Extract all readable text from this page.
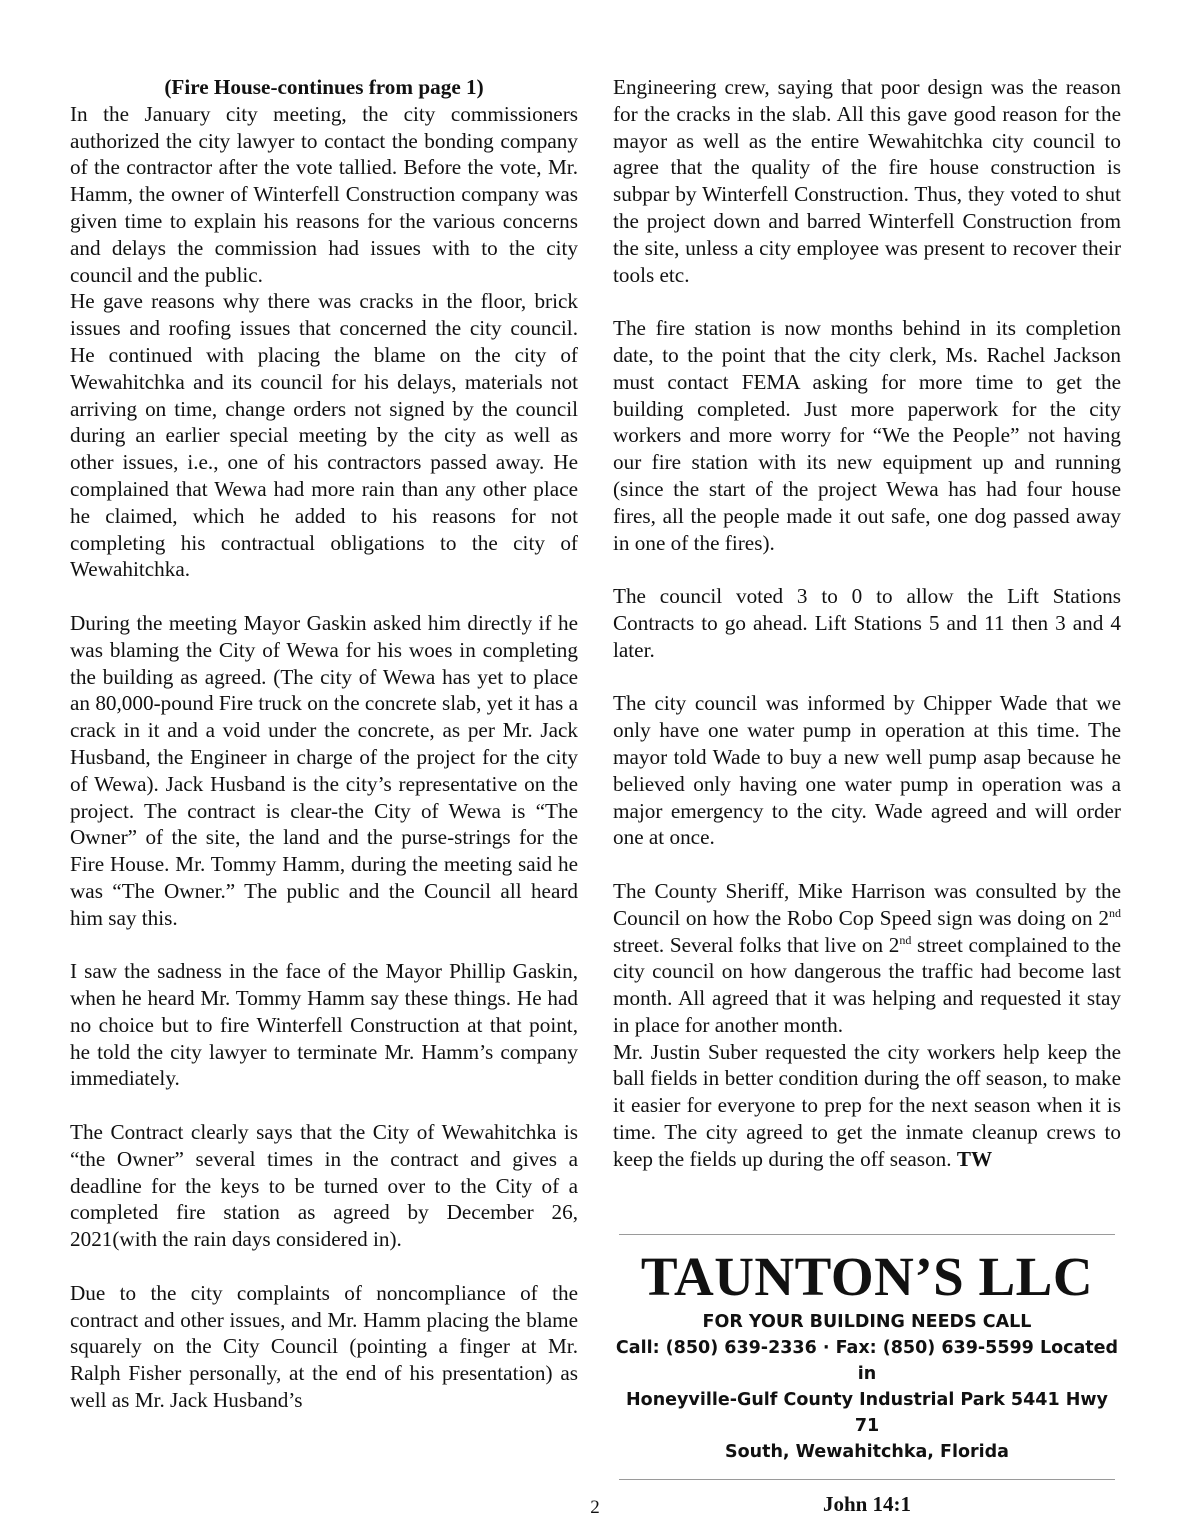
(Fire House-continues from page 1)

In the January city meeting, the city commissioners authorized the city lawyer to contact the bonding company of the contractor after the vote tallied. Before the vote, Mr. Hamm, the owner of Winterfell Construction company was given time to explain his reasons for the various concerns and delays the commission had issues with to the city council and the public.

He gave reasons why there was cracks in the floor, brick issues and roofing issues that concerned the city council. He continued with placing the blame on the city of Wewahitchka and its council for his delays, materials not arriving on time, change orders not signed by the council during an earlier special meeting by the city as well as other issues, i.e., one of his contractors passed away. He complained that Wewa had more rain than any other place he claimed, which he added to his reasons for not completing his contractual obligations to the city of Wewahitchka.

During the meeting Mayor Gaskin asked him directly if he was blaming the City of Wewa for his woes in completing the building as agreed. (The city of Wewa has yet to place an 80,000-pound Fire truck on the concrete slab, yet it has a crack in it and a void under the concrete, as per Mr. Jack Husband, the Engineer in charge of the project for the city of Wewa). Jack Husband is the city’s representative on the project. The contract is clear-the City of Wewa is “The Owner” of the site, the land and the purse-strings for the Fire House. Mr. Tommy Hamm, during the meeting said he was “The Owner.” The public and the Council all heard him say this.

I saw the sadness in the face of the Mayor Phillip Gaskin, when he heard Mr. Tommy Hamm say these things. He had no choice but to fire Winterfell Construction at that point, he told the city lawyer to terminate Mr. Hamm’s company immediately.

The Contract clearly says that the City of Wewahitchka is “the Owner” several times in the contract and gives a deadline for the keys to be turned over to the City of a completed fire station as agreed by December 26, 2021(with the rain days considered in).

Due to the city complaints of noncompliance of the contract and other issues, and Mr. Hamm placing the blame squarely on the City Council (pointing a finger at Mr. Ralph Fisher personally, at the end of his presentation) as well as Mr. Jack Husband’s

Engineering crew, saying that poor design was the reason for the cracks in the slab. All this gave good reason for the mayor as well as the entire Wewahitchka city council to agree that the quality of the fire house construction is subpar by Winterfell Construction. Thus, they voted to shut the project down and barred Winterfell Construction from the site, unless a city employee was present to recover their tools etc.

The fire station is now months behind in its completion date, to the point that the city clerk, Ms. Rachel Jackson must contact FEMA asking for more time to get the building completed. Just more paperwork for the city workers and more worry for “We the People” not having our fire station with its new equipment up and running (since the start of the project Wewa has had four house fires, all the people made it out safe, one dog passed away in one of the fires).

The council voted 3 to 0 to allow the Lift Stations Contracts to go ahead. Lift Stations 5 and 11 then 3 and 4 later.

The city council was informed by Chipper Wade that we only have one water pump in operation at this time. The mayor told Wade to buy a new well pump asap because he believed only having one water pump in operation was a major emergency to the city. Wade agreed and will order one at once.

The County Sheriff, Mike Harrison was consulted by the Council on how the Robo Cop Speed sign was doing on 2nd street. Several folks that live on 2nd street complained to the city council on how dangerous the traffic had become last month. All agreed that it was helping and requested it stay in place for another month.

Mr. Justin Suber requested the city workers help keep the ball fields in better condition during the off season, to make it easier for everyone to prep for the next season when it is time. The city agreed to get the inmate cleanup crews to keep the fields up during the off season. TW

TAUNTON’S LLC
FOR YOUR BUILDING NEEDS CALL
Call: (850) 639-2336 · Fax: (850) 639-5599 Located in
Honeyville-Gulf County Industrial Park 5441 Hwy 71
South, Wewahitchka, Florida
John 14:1
2
